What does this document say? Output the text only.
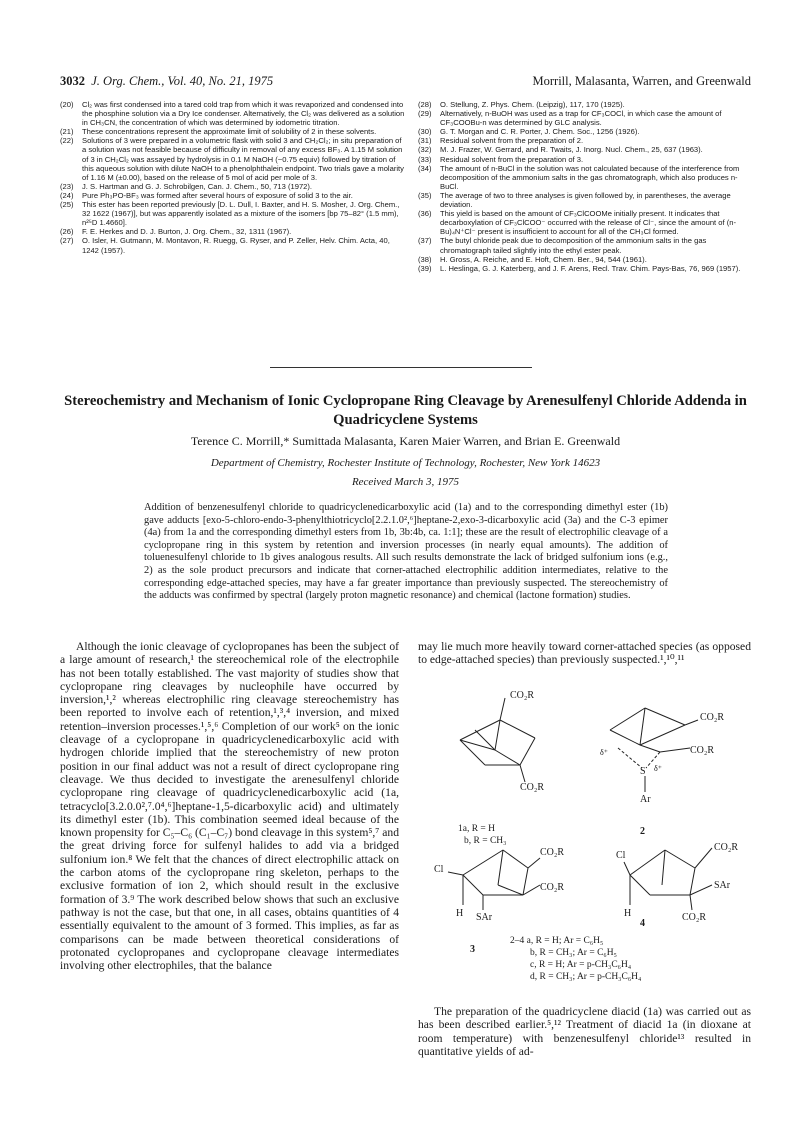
3032 J. Org. Chem., Vol. 40, No. 21, 1975	Morrill, Malasanta, Warren, and Greenwald
(20)	Cl₂ was first condensed into a tared cold trap from which it was revaporized and condensed into the phosphine solution via a Dry Ice condenser. Alternatively, the Cl₂ was delivered as a solution in CH₃CN, the concentration of which was determined by iodometric titration.
(21)	These concentrations represent the approximate limit of solubility of 2 in these solvents.
(22)	Solutions of 3 were prepared in a volumetric flask with solid 3 and CH₂Cl₂; in situ preparation of a solution was not feasible because of difficulty in removal of any excess BF₃. A 1.15 M solution of 3 in CH₂Cl₂ was assayed by hydrolysis in 0.1 M NaOH (~0.75 equiv) followed by titration of this aqueous solution with dilute NaOH to a phenolphthalein endpoint. Two trials gave a molarity of 1.16 M (±0.00), based on the release of 5 mol of acid per mole of 3.
(23)	J. S. Hartman and G. J. Schrobilgen, Can. J. Chem., 50, 713 (1972).
(24)	Pure Ph₃PO-BF₃ was formed after several hours of exposure of solid 3 to the air.
(25)	This ester has been reported previously [D. L. Dull, I. Baxter, and H. S. Mosher, J. Org. Chem., 32 1622 (1967)], but was apparently isolated as a mixture of the isomers [bp 75–82° (1.5 mm), n²⁵D 1.4660].
(26)	F. E. Herkes and D. J. Burton, J. Org. Chem., 32, 1311 (1967).
(27)	O. Isler, H. Gutmann, M. Montavon, R. Ruegg, G. Ryser, and P. Zeller, Helv. Chim. Acta, 40, 1242 (1957).
(28)	O. Stellung, Z. Phys. Chem. (Leipzig), 117, 170 (1925).
(29)	Alternatively, n-BuOH was used as a trap for CF₃COCl, in which case the amount of CF₃COOBu-n was determined by GLC analysis.
(30)	G. T. Morgan and C. R. Porter, J. Chem. Soc., 1256 (1926).
(31)	Residual solvent from the preparation of 2.
(32)	M. J. Frazer, W. Gerrard, and R. Twaits, J. Inorg. Nucl. Chem., 25, 637 (1963).
(33)	Residual solvent from the preparation of 3.
(34)	The amount of n-BuCl in the solution was not calculated because of the interference from decomposition of the ammonium salts in the gas chromatograph, which also produces n-BuCl.
(35)	The average of two to three analyses is given followed by, in parentheses, the average deviation.
(36)	This yield is based on the amount of CF₃ClCOOMe initially present. It indicates that decarboxylation of CF₃ClCOO⁻ occurred with the release of Cl⁻, since the amount of (n-Bu)₄N⁺Cl⁻ present is insufficient to account for all of the CH₃Cl formed.
(37)	The butyl chloride peak due to decomposition of the ammonium salts in the gas chromatograph tailed slightly into the ethyl ester peak.
(38)	H. Gross, A. Reiche, and E. Hoft, Chem. Ber., 94, 544 (1961).
(39)	L. Heslinga, G. J. Katerberg, and J. F. Arens, Recl. Trav. Chim. Pays-Bas, 76, 969 (1957).
Stereochemistry and Mechanism of Ionic Cyclopropane Ring Cleavage by Arenesulfenyl Chloride Addenda in Quadricyclene Systems
Terence C. Morrill,* Sumittada Malasanta, Karen Maier Warren, and Brian E. Greenwald
Department of Chemistry, Rochester Institute of Technology, Rochester, New York 14623
Received March 3, 1975
Addition of benzenesulfenyl chloride to quadricyclenedicarboxylic acid (1a) and to the corresponding dimethyl ester (1b) gave adducts [exo-5-chloro-endo-3-phenylthiotricyclo[2.2.1.0²,⁶]heptane-2,exo-3-dicarboxylic acid (3a) and the C-3 epimer (4a) from 1a and the corresponding dimethyl esters from 1b, 3b:4b, ca. 1:1]; these are the result of electrophilic cleavage of a cyclopropane ring in this system by retention and inversion processes (in nearly equal amounts). The addition of toluenesulfenyl chloride to 1b gives analogous results. All such results demonstrate the lack of bridged sulfonium ions (e.g., 2) as the sole product precursors and indicate that corner-attached electrophilic addition intermediates, relative to the corresponding edge-attached species, may have a far greater importance than previously suspected. The stereochemistry of the adducts was confirmed by spectral (largely proton magnetic resonance) and chemical (lactone formation) studies.

Although the ionic cleavage of cyclopropanes has been the subject of a large amount of research,¹ the stereochemical role of the electrophile has not been totally established. The vast majority of studies show that cyclopropane ring cleavages by nucleophile have occurred by inversion,¹,² whereas electrophilic ring cleavage stereochemistry has been reported to involve each of retention,¹,³,⁴ inversion, and mixed retention–inversion processes.¹,⁵,⁶ Completion of our work⁵ on the ionic cleavage of a cyclopropane in quadricyclenedicarboxylic acid with hydrogen chloride implied that the stereochemistry of new proton position in our final adduct was not a result of direct cyclopropane ring cleavage. We thus decided to investigate the arenesulfenyl chloride cyclopropane ring cleavage of quadricyclenedicarboxylic acid (1a, tetracyclo[3.2.0.0²,⁷.0⁴,⁶]heptane-1,5-dicarboxylic acid) and ultimately its dimethyl ester (1b). This combination seemed ideal because of the known propensity for C₅–C₆ (C₁–C₇) bond cleavage in this system⁵,⁷ and the great driving force for sulfenyl halides to add via a bridged sulfonium ion.⁸ We felt that the chances of direct electrophilic attack on the carbon atoms of the cyclopropane ring skeleton, perhaps to the exclusive formation of ion 2, which should result in the exclusive formation of 3.⁹ The work described below shows that such an exclusive pathway is not the case, but that one, in all cases, obtains quantities of 4 essentially equivalent to the amount of 3 formed. This implies, as far as comparisons can be made between theoretical considerations of protonated cyclopropanes and cyclopropane cleavage intermediates involving other electrophiles, that the balance

may lie much more heavily toward corner-attached species (as opposed to edge-attached species) than previously suspected.¹,¹⁰,¹¹

CO₂R
CO₂R
1a, R = H
b, R = CH₃
CO₂R
CO₂R
S
δ⁺
δ⁺
Ar
2
CO₂R
CO₂R
Cl
H SAr
3
CO₂R
CO₂R
Cl
H
SAr
4
2–4 a, R = H; Ar = C₆H₅
b, R = CH₃; Ar = C₆H₅
c, R = H; Ar = p-CH₃C₆H₄
d, R = CH₃; Ar = p-CH₃C₆H₄

The preparation of the quadricyclene diacid (1a) was carried out as has been described earlier.⁵,¹² Treatment of diacid 1a (in dioxane at room temperature) with benzenesulfenyl chloride¹³ resulted in quantitative yields of ad-
